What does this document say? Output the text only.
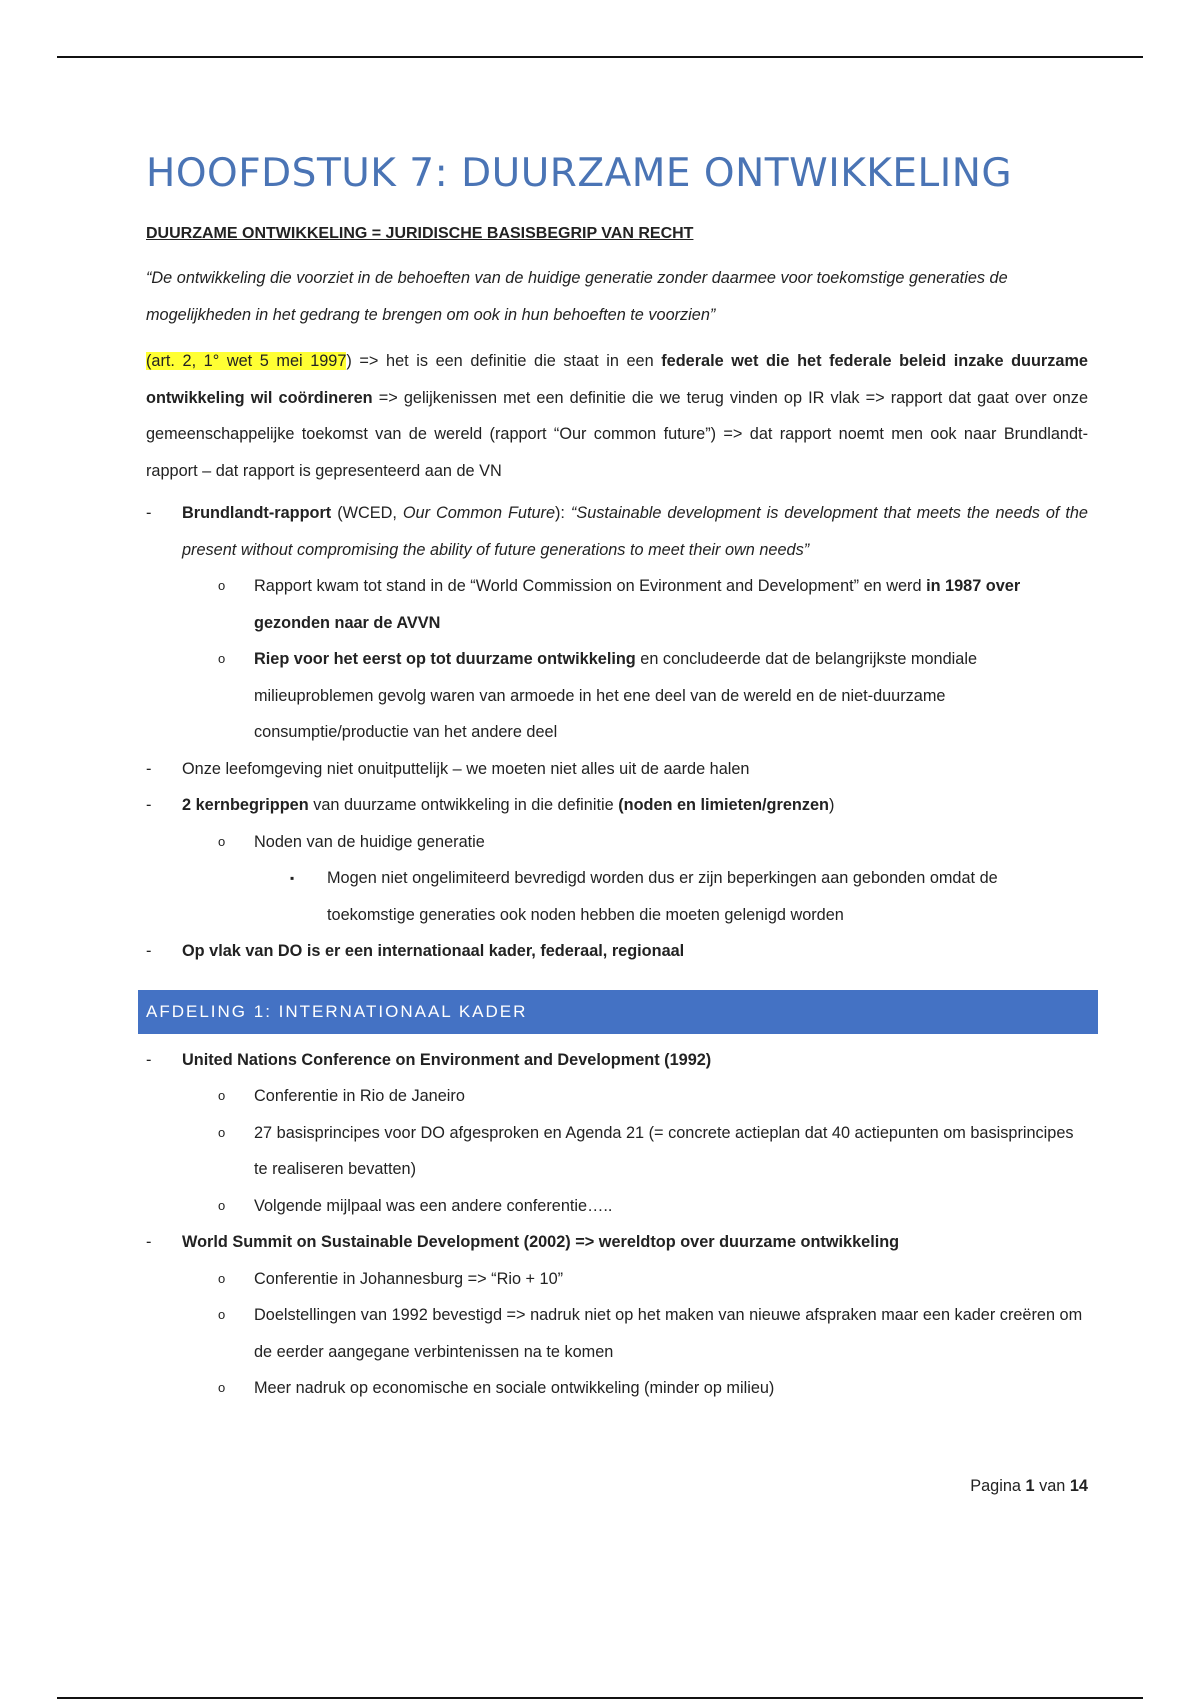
HOOFDSTUK 7: DUURZAME ONTWIKKELING
DUURZAME ONTWIKKELING = JURIDISCHE BASISBEGRIP VAN RECHT

“De ontwikkeling die voorziet in de behoeften van de huidige generatie zonder daarmee voor toekomstige generaties de mogelijkheden in het gedrang te brengen om ook in hun behoeften te voorzien”

(art. 2, 1° wet 5 mei 1997) => het is een definitie die staat in een federale wet die het federale beleid inzake duurzame ontwikkeling wil coördineren => gelijkenissen met een definitie die we terug vinden op IR vlak => rapport dat gaat over onze gemeenschappelijke toekomst van de wereld (rapport “Our common future”) => dat rapport noemt men ook naar Brundlandt-rapport – dat rapport is gepresenteerd aan de VN

- Brundlandt-rapport (WCED, Our Common Future): “Sustainable development is development that meets the needs of the present without compromising the ability of future generations to meet their own needs”
o Rapport kwam tot stand in de “World Commission on Evironment and Development” en werd in 1987 over gezonden naar de AVVN
o Riep voor het eerst op tot duurzame ontwikkeling en concludeerde dat de belangrijkste mondiale milieuproblemen gevolg waren van armoede in het ene deel van de wereld en de niet-duurzame consumptie/productie van het andere deel
- Onze leefomgeving niet onuitputtelijk – we moeten niet alles uit de aarde halen
- 2 kernbegrippen van duurzame ontwikkeling in die definitie (noden en limieten/grenzen)
o Noden van de huidige generatie
▪ Mogen niet ongelimiteerd bevredigd worden dus er zijn beperkingen aan gebonden omdat de toekomstige generaties ook noden hebben die moeten gelenigd worden
- Op vlak van DO is er een internationaal kader, federaal, regionaal
AFDELING 1: INTERNATIONAAL KADER
- United Nations Conference on Environment and Development (1992)
o Conferentie in Rio de Janeiro
o 27 basisprincipes voor DO afgesproken en Agenda 21 (= concrete actieplan dat 40 actiepunten om basisprincipes te realiseren bevatten)
o Volgende mijlpaal was een andere conferentie…..
- World Summit on Sustainable Development (2002) => wereldtop over duurzame ontwikkeling
o Conferentie in Johannesburg => “Rio + 10”
o Doelstellingen van 1992 bevestigd => nadruk niet op het maken van nieuwe afspraken maar een kader creëren om de eerder aangegane verbintenissen na te komen
o Meer nadruk op economische en sociale ontwikkeling (minder op milieu)
Pagina 1 van 14
